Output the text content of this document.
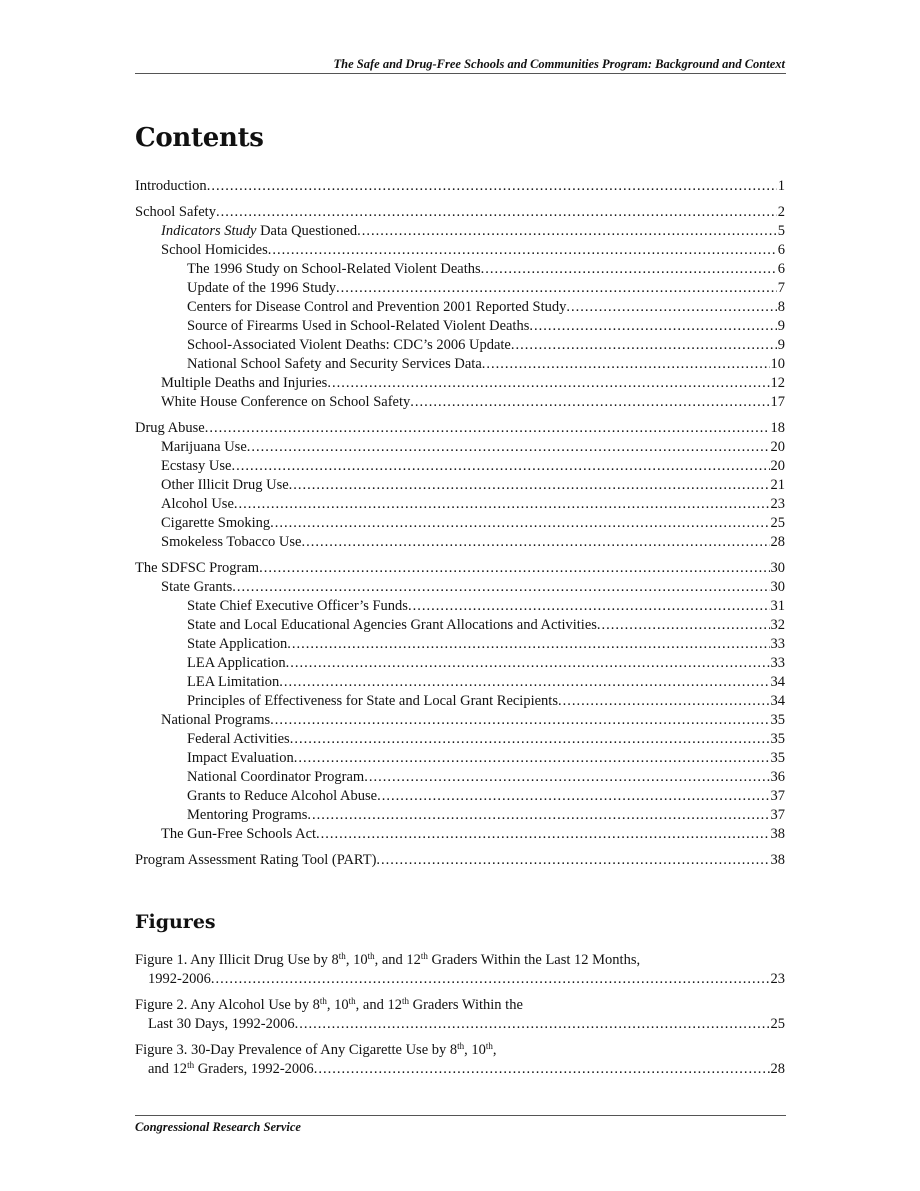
The Safe and Drug-Free Schools and Communities Program: Background and Context
Contents
Introduction .....	1
School Safety .....	2
Indicators Study Data Questioned .....	5
School Homicides .....	6
The 1996 Study on School-Related Violent Deaths .....	6
Update of the 1996 Study .....	7
Centers for Disease Control and Prevention 2001 Reported Study .....	8
Source of Firearms Used in School-Related Violent Deaths .....	9
School-Associated Violent Deaths: CDC’s 2006 Update .....	9
National School Safety and Security Services Data .....	10
Multiple Deaths and Injuries .....	12
White House Conference on School Safety .....	17
Drug Abuse .....	18
Marijuana Use .....	20
Ecstasy Use .....	20
Other Illicit Drug Use .....	21
Alcohol Use .....	23
Cigarette Smoking .....	25
Smokeless Tobacco Use .....	28
The SDFSC Program .....	30
State Grants .....	30
State Chief Executive Officer’s Funds .....	31
State and Local Educational Agencies Grant Allocations and Activities .....	32
State Application .....	33
LEA Application .....	33
LEA Limitation .....	34
Principles of Effectiveness for State and Local Grant Recipients .....	34
National Programs .....	35
Federal Activities .....	35
Impact Evaluation .....	35
National Coordinator Program .....	36
Grants to Reduce Alcohol Abuse .....	37
Mentoring Programs .....	37
The Gun-Free Schools Act .....	38
Program Assessment Rating Tool (PART) .....	38
Figures
Figure 1. Any Illicit Drug Use by 8th, 10th, and 12th Graders Within the Last 12 Months,
1992-2006 .....	23
Figure 2. Any Alcohol Use by 8th, 10th, and 12th Graders Within the
Last 30 Days, 1992-2006 .....	25
Figure 3. 30-Day Prevalence of Any Cigarette Use by 8th, 10th,
and 12th Graders, 1992-2006 .....	28
Congressional Research Service
